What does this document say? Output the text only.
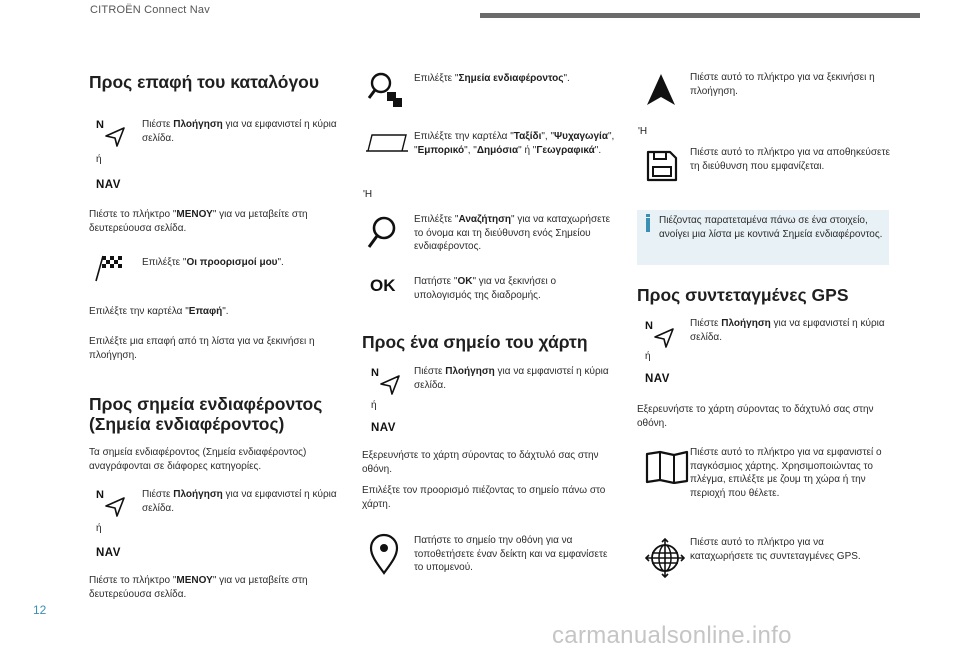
CITROËN Connect Nav
Προς επαφή του καταλόγου
N
ή
NAV

Πιέστε Πλοήγηση για να εμφανιστεί η κύρια σελίδα.

Πιέστε το πλήκτρο "ΜΕΝΟΥ" για να μεταβείτε στη δευτερεύουσα σελίδα.

Επιλέξτε "Οι προορισμοί μου".

Επιλέξτε την καρτέλα "Επαφή".

Επιλέξτε μια επαφή από τη λίστα για να ξεκινήσει η πλοήγηση.

Προς σημεία ενδιαφέροντος (Σημεία ενδιαφέροντος)

Τα σημεία ενδιαφέροντος (Σημεία ενδιαφέροντος) αναγράφονται σε διάφορες κατηγορίες.

N
ή
NAV

Πιέστε Πλοήγηση για να εμφανιστεί η κύρια σελίδα.

Πιέστε το πλήκτρο "ΜΕΝΟΥ" για να μεταβείτε στη δευτερεύουσα σελίδα.

Επιλέξτε "Σημεία ενδιαφέροντος".

Επιλέξτε την καρτέλα "Ταξίδι", "Ψυχαγωγία", "Εμπορικό", "Δημόσια" ή "Γεωγραφικά".

'Η

Επιλέξτε "Αναζήτηση" για να καταχωρήσετε το όνομα και τη διεύθυνση ενός Σημείου ενδιαφέροντος.

OK Πατήστε "OK" για να ξεκινήσει ο υπολογισμός της διαδρομής.

Προς ένα σημείο του χάρτη
N
ή
NAV

Πιέστε Πλοήγηση για να εμφανιστεί η κύρια σελίδα.

Εξερευνήστε το χάρτη σύροντας το δάχτυλό σας στην οθόνη.

Επιλέξτε τον προορισμό πιέζοντας το σημείο πάνω στο χάρτη.

Πατήστε το σημείο την οθόνη για να τοποθετήσετε έναν δείκτη και να εμφανίσετε το υπομενού.

Πιέστε αυτό το πλήκτρο για να ξεκινήσει η πλοήγηση.

'Η

Πιέστε αυτό το πλήκτρο για να αποθηκεύσετε τη διεύθυνση που εμφανίζεται.

Πιέζοντας παρατεταμένα πάνω σε ένα στοιχείο, ανοίγει μια λίστα με κοντινά Σημεία ενδιαφέροντος.

Προς συντεταγμένες GPS
N
ή
NAV

Πιέστε Πλοήγηση για να εμφανιστεί η κύρια σελίδα.

Εξερευνήστε το χάρτη σύροντας το δάχτυλό σας στην οθόνη.

Πιέστε αυτό το πλήκτρο για να εμφανιστεί ο παγκόσμιος χάρτης. Χρησιμοποιώντας το πλέγμα, επιλέξτε με ζουμ τη χώρα ή την περιοχή που θέλετε.

Πιέστε αυτό το πλήκτρο για να καταχωρήσετε τις συντεταγμένες GPS.

12
carmanualsonline.info
